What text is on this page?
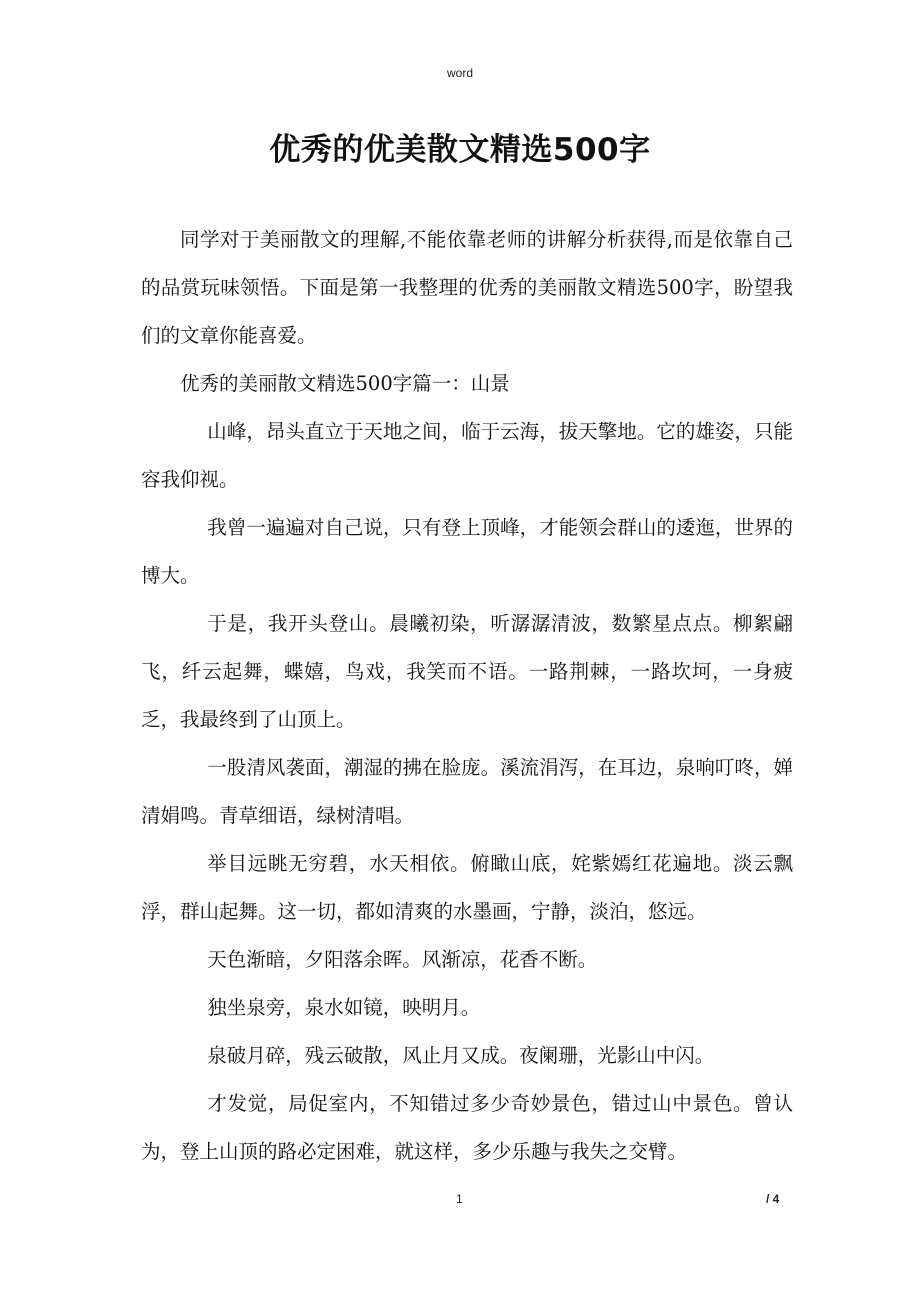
word
优秀的优美散文精选500字

同学对于美丽散文的理解,不能依靠老师的讲解分析获得,而是依靠自己的品赏玩味领悟。下面是第一我整理的优秀的美丽散文精选500字，盼望我们的文章你能喜爱。

优秀的美丽散文精选500字篇一：山景

山峰，昂头直立于天地之间，临于云海，拔天擎地。它的雄姿，只能容我仰视。

我曾一遍遍对自己说，只有登上顶峰，才能领会群山的逶迤，世界的博大。

于是，我开头登山。晨曦初染，听潺潺清波，数繁星点点。柳絮翩飞，纤云起舞，蝶嬉，鸟戏，我笑而不语。一路荆棘，一路坎坷，一身疲乏，我最终到了山顶上。

一股清风袭面，潮湿的拂在脸庞。溪流涓泻，在耳边，泉响叮咚，婵清娟鸣。青草细语，绿树清唱。

举目远眺无穷碧，水天相依。俯瞰山底，姹紫嫣红花遍地。淡云飘浮，群山起舞。这一切，都如清爽的水墨画，宁静，淡泊，悠远。

天色渐暗，夕阳落余晖。风渐凉，花香不断。

独坐泉旁，泉水如镜，映明月。

泉破月碎，残云破散，风止月又成。夜阑珊，光影山中闪。

才发觉，局促室内，不知错过多少奇妙景色，错过山中景色。曾认为，登上山顶的路必定困难，就这样，多少乐趣与我失之交臂。

1	/ 4
